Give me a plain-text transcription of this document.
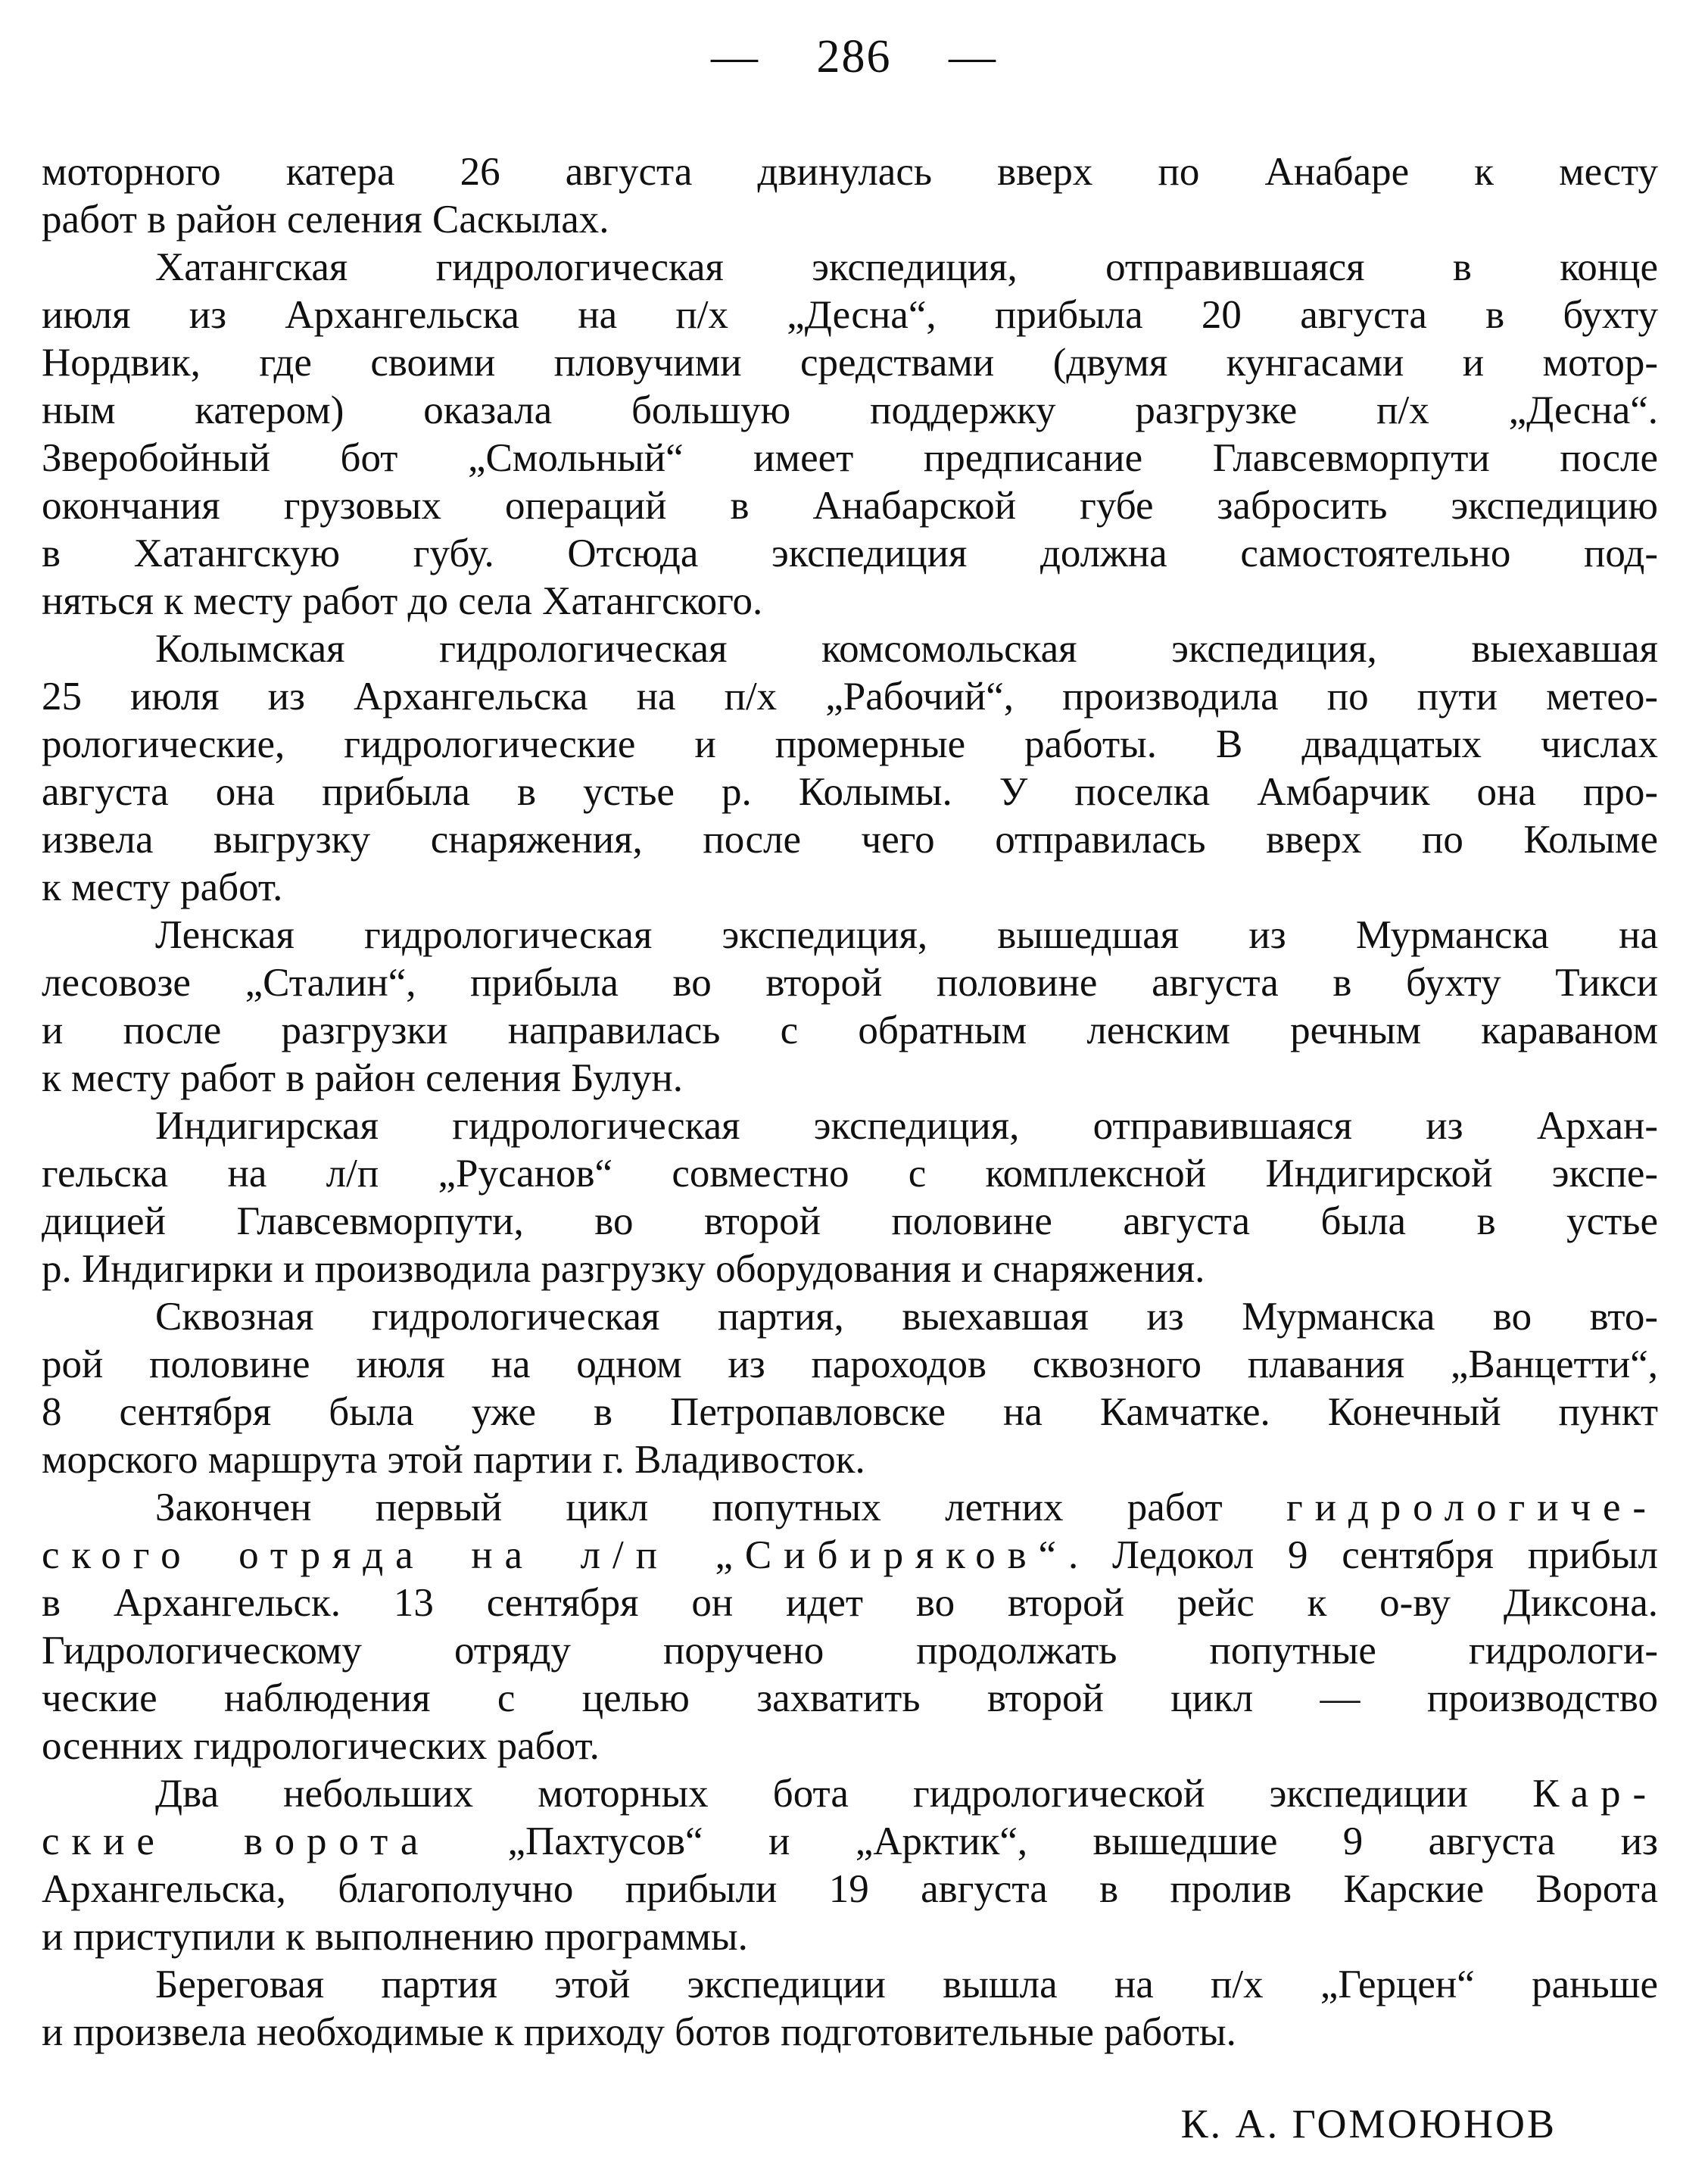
— 286 —
моторного катера 26 августа двинулась вверх по Анабаре к месту
работ в район селения Саскылах.
Хатангская гидрологическая экспедиция, отправившаяся в конце
июля из Архангельска на п/х „Десна“, прибыла 20 августа в бухту
Нордвик, где своими пловучими средствами (двумя кунгасами и мотор-
ным катером) оказала большую поддержку разгрузке п/х „Десна“.
Зверобойный бот „Смольный“ имеет предписание Главсевморпути после
окончания грузовых операций в Анабарской губе забросить экспедицию
в Хатангскую губу. Отсюда экспедиция должна самостоятельно под-
няться к месту работ до села Хатангского.
Колымская гидрологическая комсомольская экспедиция, выехавшая
25 июля из Архангельска на п/х „Рабочий“, производила по пути метео-
рологические, гидрологические и промерные работы. В двадцатых числах
августа она прибыла в устье р. Колымы. У поселка Амбарчик она про-
извела выгрузку снаряжения, после чего отправилась вверх по Колыме
к месту работ.
Ленская гидрологическая экспедиция, вышедшая из Мурманска на
лесовозе „Сталин“, прибыла во второй половине августа в бухту Тикси
и после разгрузки направилась с обратным ленским речным караваном
к месту работ в район селения Булун.
Индигирская гидрологическая экспедиция, отправившаяся из Архан-
гельска на л/п „Русанов“ совместно с комплексной Индигирской экспе-
дицией Главсевморпути, во второй половине августа была в устье
р. Индигирки и производила разгрузку оборудования и снаряжения.
Сквозная гидрологическая партия, выехавшая из Мурманска во вто-
рой половине июля на одном из пароходов сквозного плавания „Ванцетти“,
8 сентября была уже в Петропавловске на Камчатке. Конечный пункт
морского маршрута этой партии г. Владивосток.
Закончен первый цикл попутных летних работ гидрологиче-
ского отряда на л/п „Сибиряков“. Ледокол 9 сентября прибыл
в Архангельск. 13 сентября он идет во второй рейс к о-ву Диксона.
Гидрологическому отряду поручено продолжать попутные гидрологи-
ческие наблюдения с целью захватить второй цикл — производство
осенних гидрологических работ.
Два небольших моторных бота гидрологической экспедиции Кар-
ские ворота „Пахтусов“ и „Арктик“, вышедшие 9 августа из
Архангельска, благополучно прибыли 19 августа в пролив Карские Ворота
и приступили к выполнению программы.
Береговая партия этой экспедиции вышла на п/х „Герцен“ раньше
и произвела необходимые к приходу ботов подготовительные работы.
К. А. ГОМОЮНОВ
